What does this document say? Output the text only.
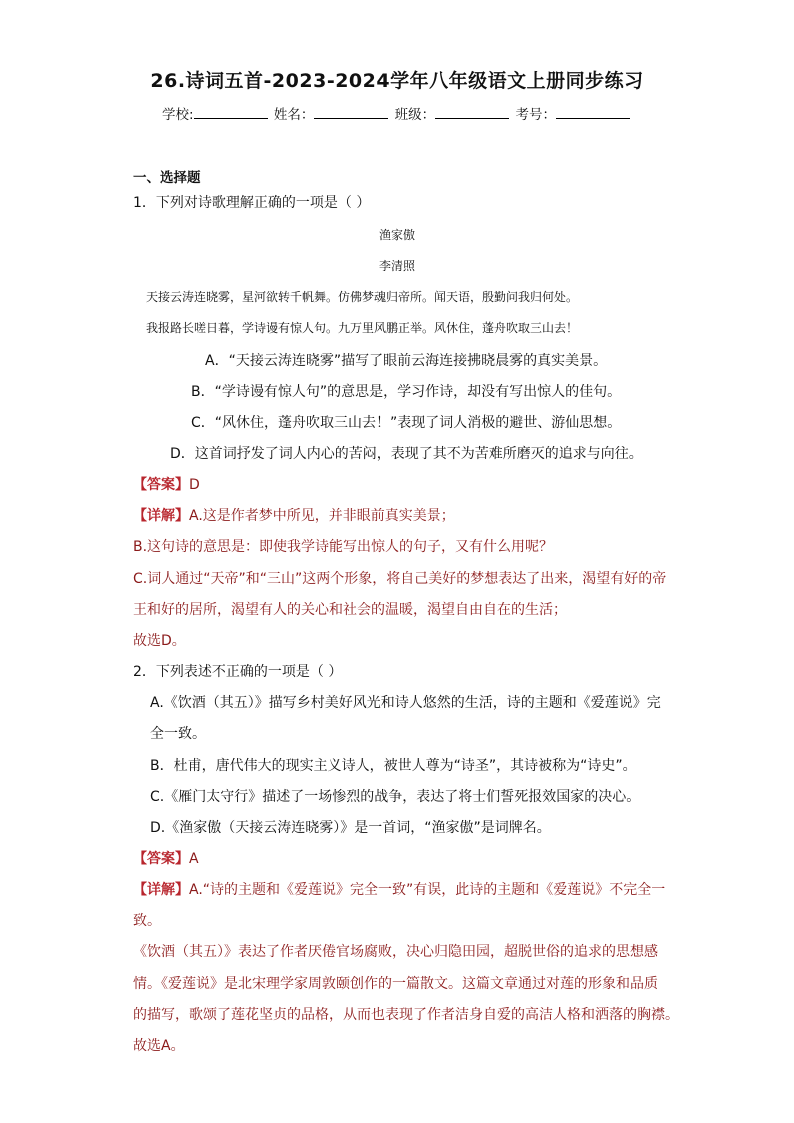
26.诗词五首-2023-2024学年八年级语文上册同步练习
学校:	姓名：	班级：	考号：
一、选择题
1．下列对诗歌理解正确的一项是（ ）
渔家傲
李清照
天接云涛连晓雾，星河欲转千帆舞。仿佛梦魂归帝所。闻天语，殷勤问我归何处。
我报路长嗟日暮，学诗谩有惊人句。九万里风鹏正举。风休住，蓬舟吹取三山去！
A．“天接云涛连晓雾”描写了眼前云海连接拂晓晨雾的真实美景。
B．“学诗谩有惊人句”的意思是，学习作诗，却没有写出惊人的佳句。
C．“风休住，蓬舟吹取三山去！”表现了词人消极的避世、游仙思想。
D．这首词抒发了词人内心的苦闷，表现了其不为苦难所磨灭的追求与向往。
【答案】D
【详解】A.这是作者梦中所见，并非眼前真实美景；
B.这句诗的意思是：即使我学诗能写出惊人的句子，又有什么用呢？
C.词人通过“天帝”和“三山”这两个形象，将自己美好的梦想表达了出来，渴望有好的帝
王和好的居所，渴望有人的关心和社会的温暖，渴望自由自在的生活；
故选D。
2．下列表述不正确的一项是（ ）
A.《饮酒（其五）》描写乡村美好风光和诗人悠然的生活，诗的主题和《爱莲说》完
全一致。
B．杜甫，唐代伟大的现实主义诗人，被世人尊为“诗圣”，其诗被称为“诗史”。
C.《雁门太守行》描述了一场惨烈的战争，表达了将士们誓死报效国家的决心。
D.《渔家傲（天接云涛连晓雾）》是一首词，“渔家傲”是词牌名。
【答案】A
【详解】A.“诗的主题和《爱莲说》完全一致”有误，此诗的主题和《爱莲说》不完全一
致。
《饮酒（其五）》表达了作者厌倦官场腐败，决心归隐田园，超脱世俗的追求的思想感
情。《爱莲说》是北宋理学家周敦颐创作的一篇散文。这篇文章通过对莲的形象和品质
的描写，歌颂了莲花坚贞的品格，从而也表现了作者洁身自爱的高洁人格和洒落的胸襟。
故选A。
